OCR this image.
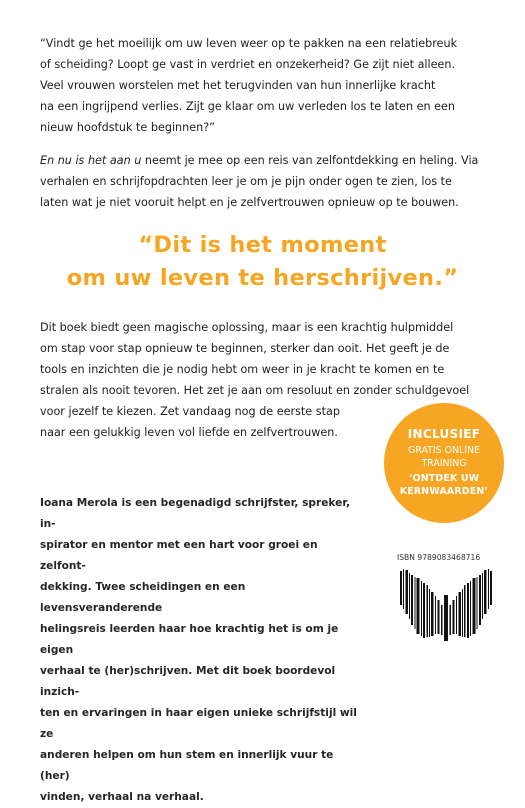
“Vindt ge het moeilijk om uw leven weer op te pakken na een relatiebreuk
of scheiding? Loopt ge vast in verdriet en onzekerheid? Ge zijt niet alleen.
Veel vrouwen worstelen met het terugvinden van hun innerlijke kracht
na een ingrijpend verlies. Zijt ge klaar om uw verleden los te laten en een
nieuw hoofdstuk te beginnen?”
En nu is het aan u neemt je mee op een reis van zelfontdekking en heling. Via
verhalen en schrijfopdrachten leer je om je pijn onder ogen te zien, los te
laten wat je niet vooruit helpt en je zelfvertrouwen opnieuw op te bouwen.
“Dit is het moment
om uw leven te herschrijven.”
Dit boek biedt geen magische oplossing, maar is een krachtig hulpmiddel
om stap voor stap opnieuw te beginnen, sterker dan ooit. Het geeft je de
tools en inzichten die je nodig hebt om weer in je kracht te komen en te
stralen als nooit tevoren. Het zet je aan om resoluut en zonder schuldgevoel
voor jezelf te kiezen. Zet vandaag nog de eerste stap
naar een gelukkig leven vol liefde en zelfvertrouwen.
Ioana Merola is een begenadigd schrijfster, spreker, in-
spirator en mentor met een hart voor groei en zelfont-
dekking. Twee scheidingen en een levensveranderende
helingsreis leerden haar hoe krachtig het is om je eigen
verhaal te (her)schrijven. Met dit boek boordevol inzich-
ten en ervaringen in haar eigen unieke schrijfstijl wil ze
anderen helpen om hun stem en innerlijk vuur te (her)
vinden, verhaal na verhaal.
INCLUSIEF
GRATIS ONLINE
TRAINING
‘ONTDEK UW
KERNWAARDEN’
ISBN 9789083468716
